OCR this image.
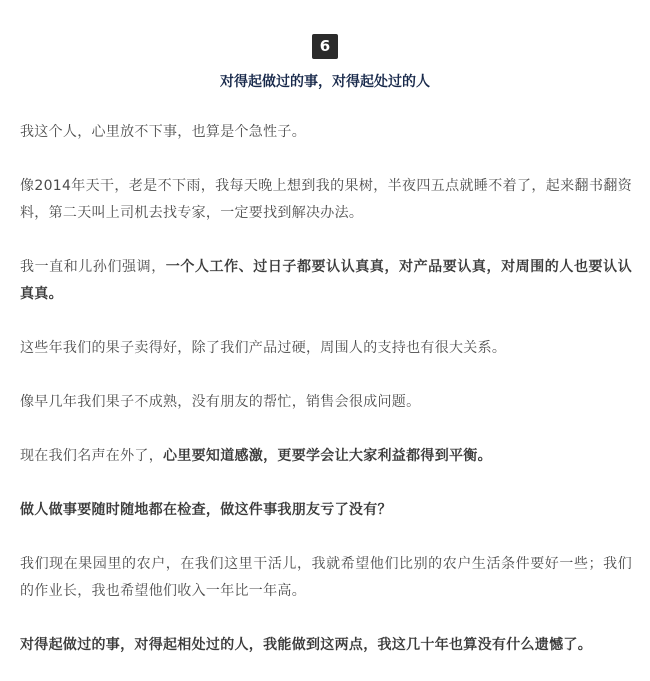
6
对得起做过的事，对得起处过的人

我这个人，心里放不下事，也算是个急性子。

像2014年天干，老是不下雨，我每天晚上想到我的果树，半夜四五点就睡不着了，起来翻书翻资料，第二天叫上司机去找专家，一定要找到解决办法。

我一直和儿孙们强调，一个人工作、过日子都要认认真真，对产品要认真，对周围的人也要认认真真。

这些年我们的果子卖得好，除了我们产品过硬，周围人的支持也有很大关系。

像早几年我们果子不成熟，没有朋友的帮忙，销售会很成问题。

现在我们名声在外了，心里要知道感激，更要学会让大家利益都得到平衡。

做人做事要随时随地都在检查，做这件事我朋友亏了没有？

我们现在果园里的农户，在我们这里干活儿，我就希望他们比别的农户生活条件要好一些；我们的作业长，我也希望他们收入一年比一年高。

对得起做过的事，对得起相处过的人，我能做到这两点，我这几十年也算没有什么遗憾了。
